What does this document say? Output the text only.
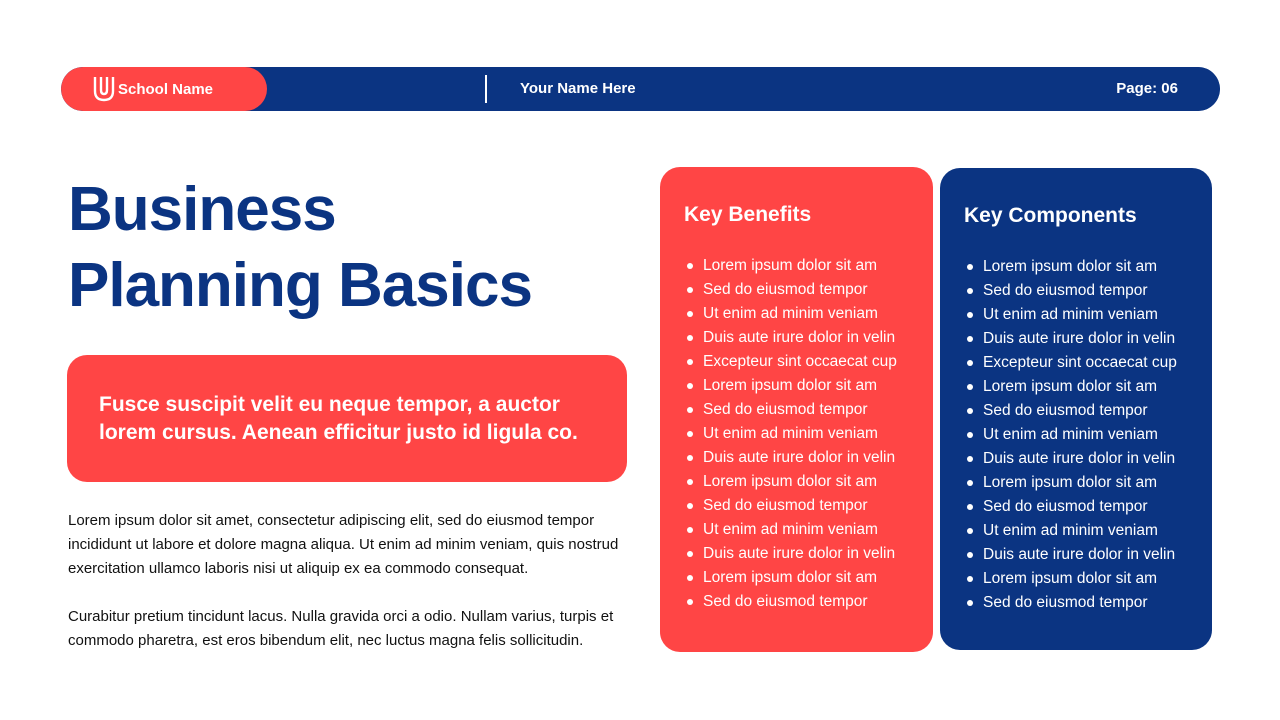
School Name
Business and Accounting
Your Name Here	Page: 06
Business
Planning Basics
Fusce suscipit velit eu neque tempor, a auctor lorem cursus. Aenean efficitur justo id ligula co.
Lorem ipsum dolor sit amet, consectetur adipiscing elit, sed do eiusmod tempor incididunt ut labore et dolore magna aliqua. Ut enim ad minim veniam, quis nostrud exercitation ullamco laboris nisi ut aliquip ex ea commodo consequat.
Curabitur pretium tincidunt lacus. Nulla gravida orci a odio. Nullam varius, turpis et commodo pharetra, est eros bibendum elit, nec luctus magna felis sollicitudin.
Key Benefits
Lorem ipsum dolor sit am
Sed do eiusmod tempor
Ut enim ad minim veniam
Duis aute irure dolor in velin
Excepteur sint occaecat cup
Lorem ipsum dolor sit am
Sed do eiusmod tempor
Ut enim ad minim veniam
Duis aute irure dolor in velin
Lorem ipsum dolor sit am
Sed do eiusmod tempor
Ut enim ad minim veniam
Duis aute irure dolor in velin
Lorem ipsum dolor sit am
Sed do eiusmod tempor
Key Components
Lorem ipsum dolor sit am
Sed do eiusmod tempor
Ut enim ad minim veniam
Duis aute irure dolor in velin
Excepteur sint occaecat cup
Lorem ipsum dolor sit am
Sed do eiusmod tempor
Ut enim ad minim veniam
Duis aute irure dolor in velin
Lorem ipsum dolor sit am
Sed do eiusmod tempor
Ut enim ad minim veniam
Duis aute irure dolor in velin
Lorem ipsum dolor sit am
Sed do eiusmod tempor
